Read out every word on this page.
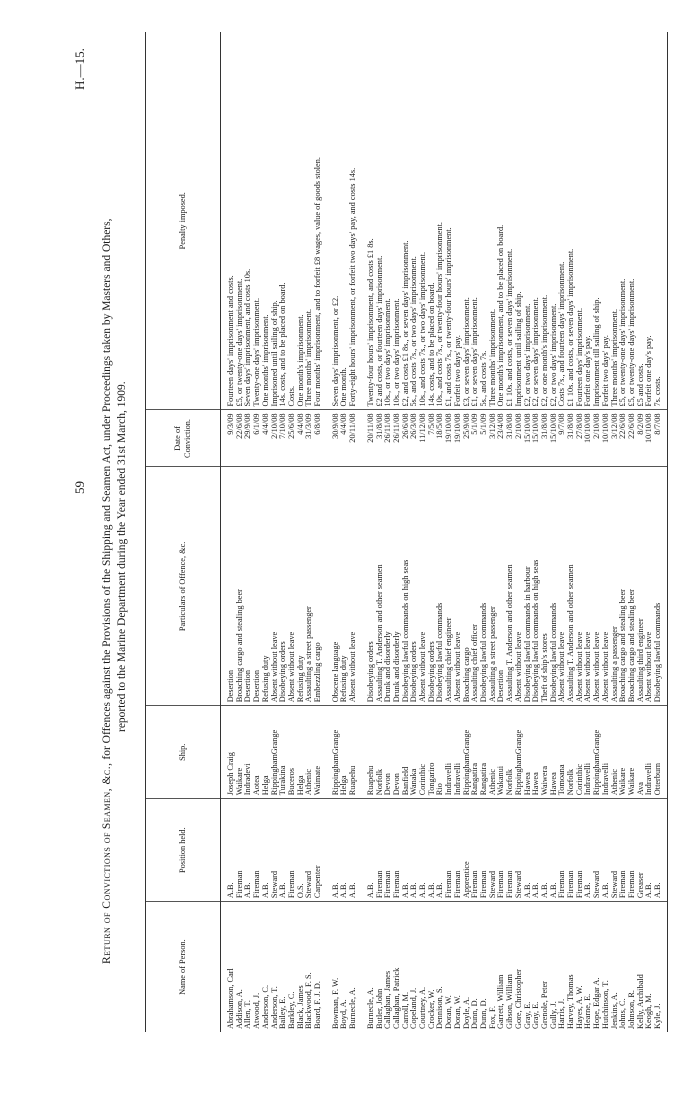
59
H.—15.
Return of Convictions of Seamen, &c., for Offences against the Provisions of the Shipping and Seamen Act, under Proceedings taken by Masters and Others, reported to the Marine Department during the Year ended 31st March, 1909.
Name of Person.	Position held.	Ship.	Particulars of Offence, &c.	Date of Conviction.	Penalty imposed.
Abrahamson, Carl	A.B.	Joseph Craig	Desertion	9/3/09	Fourteen days' imprisonment and costs.
Addison, A.	Fireman	Waikare	Broaching cargo and stealing beer	22/6/08	£5, or twenty-one days' imprisonment.
Allen, T.	A.B.	Indradevi	Desertion	29/9/08	Seven days' imprisonment, and costs 10s.
Atwood, J.	Fireman	Aotea	Desertion	6/1/09	Twenty-one days' imprisonment.
Anderson, C.	A.B.	Helga	Refusing duty	4/4/08	One months' imprisonment.
Anderson, T.	Steward	RippinghamGrange	Absent without leave	2/10/08	Imprisoned until sailing of ship.
Bailey, E.	A.B.	Turakina	Disobeying orders	7/10/08	14s. costs, and to be placed on board.
Barkley, C.	Fireman	Buceros	Absent without leave	25/6/08	Costs.
Black, James	O.S.	Helga	Refusing duty	4/4/08	One month's imprisonment.
Blackwood, F. S.	Steward	Athenic	Assaulting a street passenger	31/3/09	Three months' imprisonment.
Board, F. J. D.	Carpenter	Waimate	Embezzling cargo	6/8/08	Four months' imprisonment, and to forfeit £8 wages, value of goods stolen.

Bowman, F. W.	A.B.	RippinghamGrange	Obscene language	30/9/08	Seven days' imprisonment, or £2.
Boyd, A.	A.B.	Helga	Refusing duty	4/4/08	One month.
Burnecle, A.	A.B.	Ruapehu	Absent without leave	20/11/08	Forty-eight hours' imprisonment, or forfeit two days' pay, and costs 14s.

Burnecle, A.	A.B.	Ruapehu	Disobeying orders	20/11/08	Twenty-four hours' imprisonment, and costs £1 8s.
Butler, John	Fireman	Norfolk	Assaulting T. Anderson and other seamen	31/8/08	£2 and costs, or fourteen days' imprisonment.
Callaghan, James	Fireman	Devon	Drunk and disorderly	26/11/08	10s., or two days' imprisonment.
Callaghan, Patrick	Fireman	Devon	Drunk and disorderly	26/11/08	10s., or two days' imprisonment.
Carroll, M.	A.B.	Banfield	Disobeying lawful commands on high seas	26/6/08	£2, and costs £1 8s., or seven days' imprisonment.
Copeland, J.	A.B.	Wanaka	Disobeying orders	26/3/08	5s., and costs 7s., or two days' imprisonment.
Courtney, A.	A.B.	Corinthic	Absent without leave	11/12/08	10s., and costs 7s., or two days' imprisonment.
Crocker, W.	A.B.	Tongariro	Disobeying orders	7/5/08	14s. costs, and to be placed on board.
Dennison, S.	A.B.	Rio	Disobeying lawful commands	18/5/08	10s., and costs 7s., or twenty-four hours' imprisonment.
Doran, W.	Fireman	Indravelli	Assaulting chief engineer	19/10/08	£1, and costs 7s., or twenty-four hours' imprisonment.
Doran, W.	Fireman	Indravelli	Absent without leave	19/10/08	Forfeit two days' pay.
Doyle, A.	Apprentice	RippinghamGrange	Broaching cargo	25/9/08	£3, or seven days' imprisonment.
Dunn, D.	Fireman	Rangatira	Assaulting chief officer	5/1/09	£1, or seven days' imprisonment.
Dunn, D.	Fireman	Rangatira	Disobeying lawful commands	5/1/09	5s., and costs 7s.
Fox, F.	Steward	Athenic	Assaulting a street passenger	3/12/08	Three months' imprisonment.
Garrett, William	Fireman	Wakanui	Desertion	23/4/08	One month's imprisonment, and to be placed on board.
Gibson, William	Fireman	Norfolk	Assaulting T. Anderson and other seamen	31/8/08	£1 10s. and costs, or seven days' imprisonment.
Gore, Christopher	Steward	RippinghamGrange	Absent without leave	2/10/08	Imprisonment until sailing of ship.
Gray, E.	A.B.	Hawea	Disobeying lawful commands in harbour	15/10/08	£2, or two days' imprisonment.
Gray, E.	A.B.	Hawea	Disobeying lawful commands on high seas	15/10/08	£2, or seven days' imprisonment.
Grenole, Peter	A.B.	Waiwera	Theft of ship's stores	31/8/08	£2, or one month's imprisonment.
Gully, J.	A.B.	Hawea	Disobeying lawful commands	15/10/08	£2, or two days' imprisonment.
Harris, J.	Fireman	Tomoana	Absent without leave	9/7/08	Costs 7s., and fourteen days' imprisonment.
Harvey, Thomas	Fireman	Norfolk	Assaulting T. Anderson and other seamen	31/8/08	£1 10s. and costs, or seven days' imprisonment.
Hayes, A. W.	Fireman	Corinthic	Absent without leave	27/8/08	Fourteen days' imprisonment.
Hearne, E.	A.B.	Indravelli	Absent without leave	10/10/08	Forfeit one day's pay.
Hope, Edgar A.	Steward	RippinghamGrange	Absent without leave	2/10/08	Imprisonment till sailing of ship.
Hutchinson, T.	A.B.	Indravelli	Absent without leave	10/10/08	Forfeit two days' pay.
Jenkins, A.	Steward	Athenic	Assaulting a passenger	3/12/08	Three months' imprisonment.
Johns, C.	Fireman	Waikare	Broaching cargo and stealing beer	22/6/08	£5, or twenty-one days' imprisonment.
Johnson, R.	Fireman	Waikare	Broaching cargo and stealing beer	22/6/08	£5, or twenty-one days' imprisonment.
Kelly, Archibald	Greaser	Ava	Assaulting third engineer	8/2/09	£5 and costs.
Keogh, M.	A.B.	Indravelli	Absent without leave	10/10/08	Forfeit one day's pay.
Kyle, J.	A.B.	Otterburn	Disobeying lawful commands	8/7/08	7s. costs.
